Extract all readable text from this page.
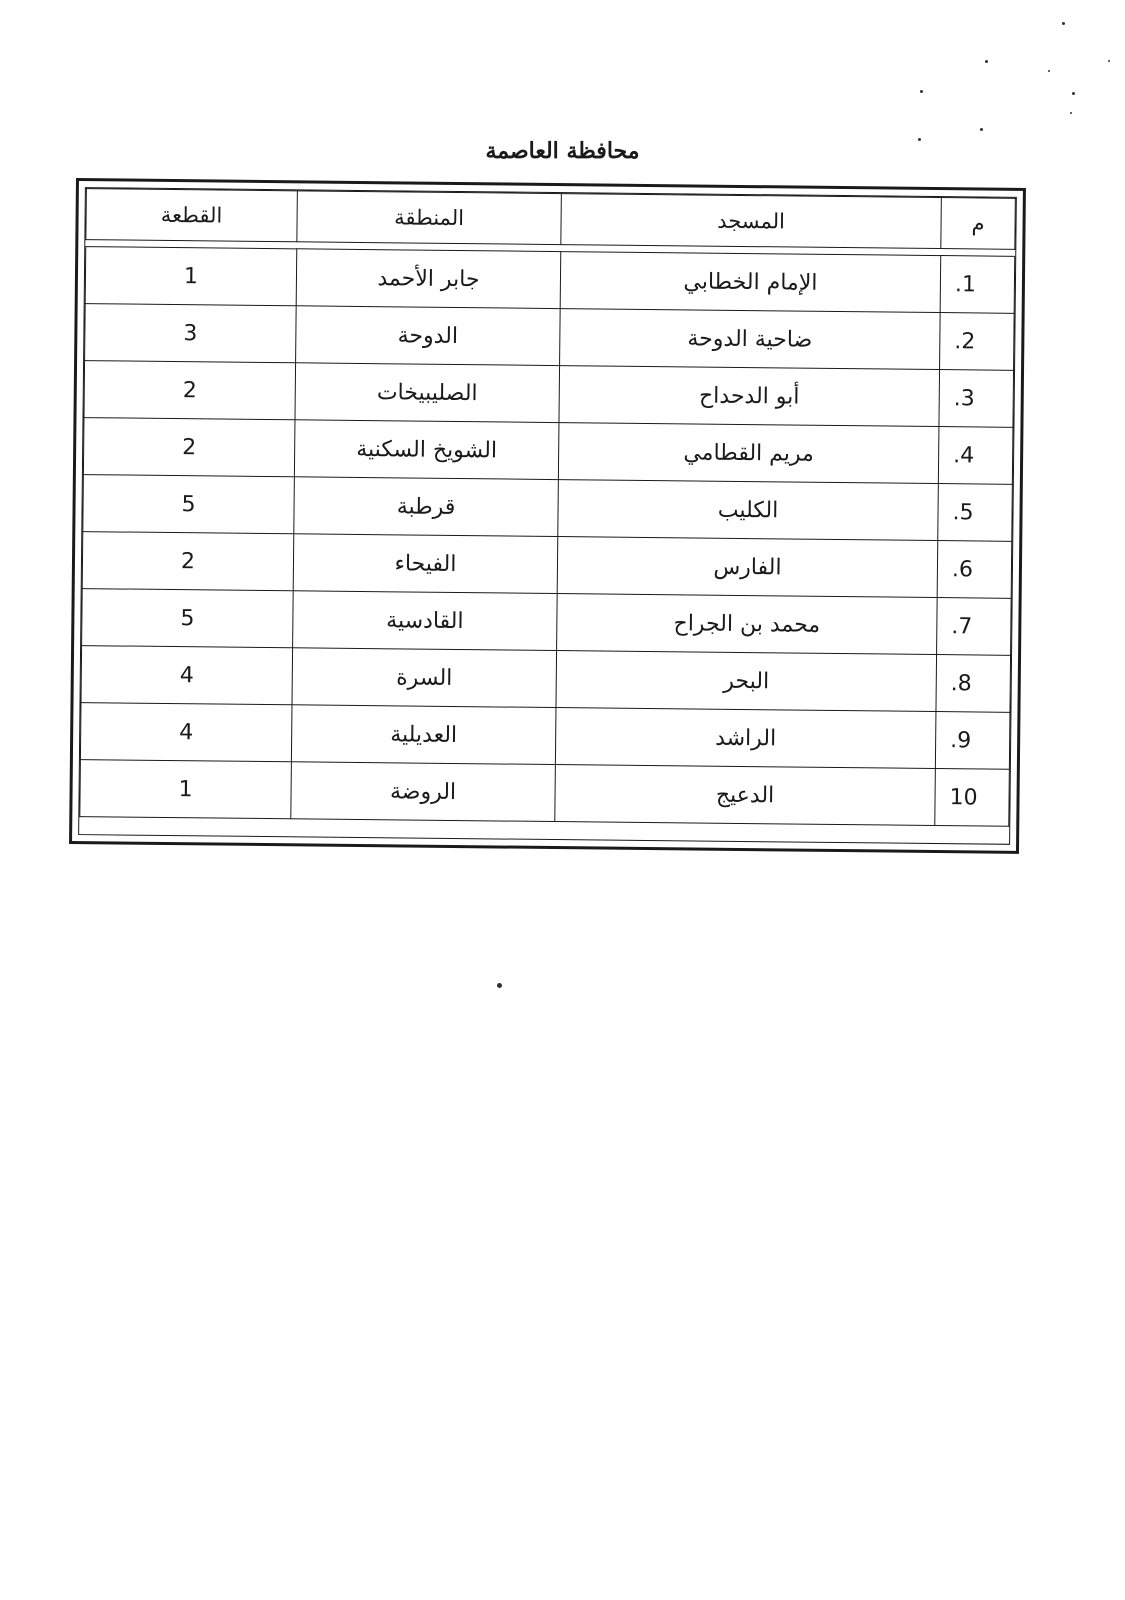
محافظة العاصمة
م	المسجد	المنطقة	القطعة

1.	الإمام الخطابي	جابر الأحمد	1
2.	ضاحية الدوحة	الدوحة	3
3.	أبو الدحداح	الصليبيخات	2
4.	مريم القطامي	الشويخ السكنية	2
5.	الكليب	قرطبة	5
6.	الفارس	الفيحاء	2
7.	محمد بن الجراح	القادسية	5
8.	البحر	السرة	4
9.	الراشد	العديلية	4
10	الدعيج	الروضة	1
